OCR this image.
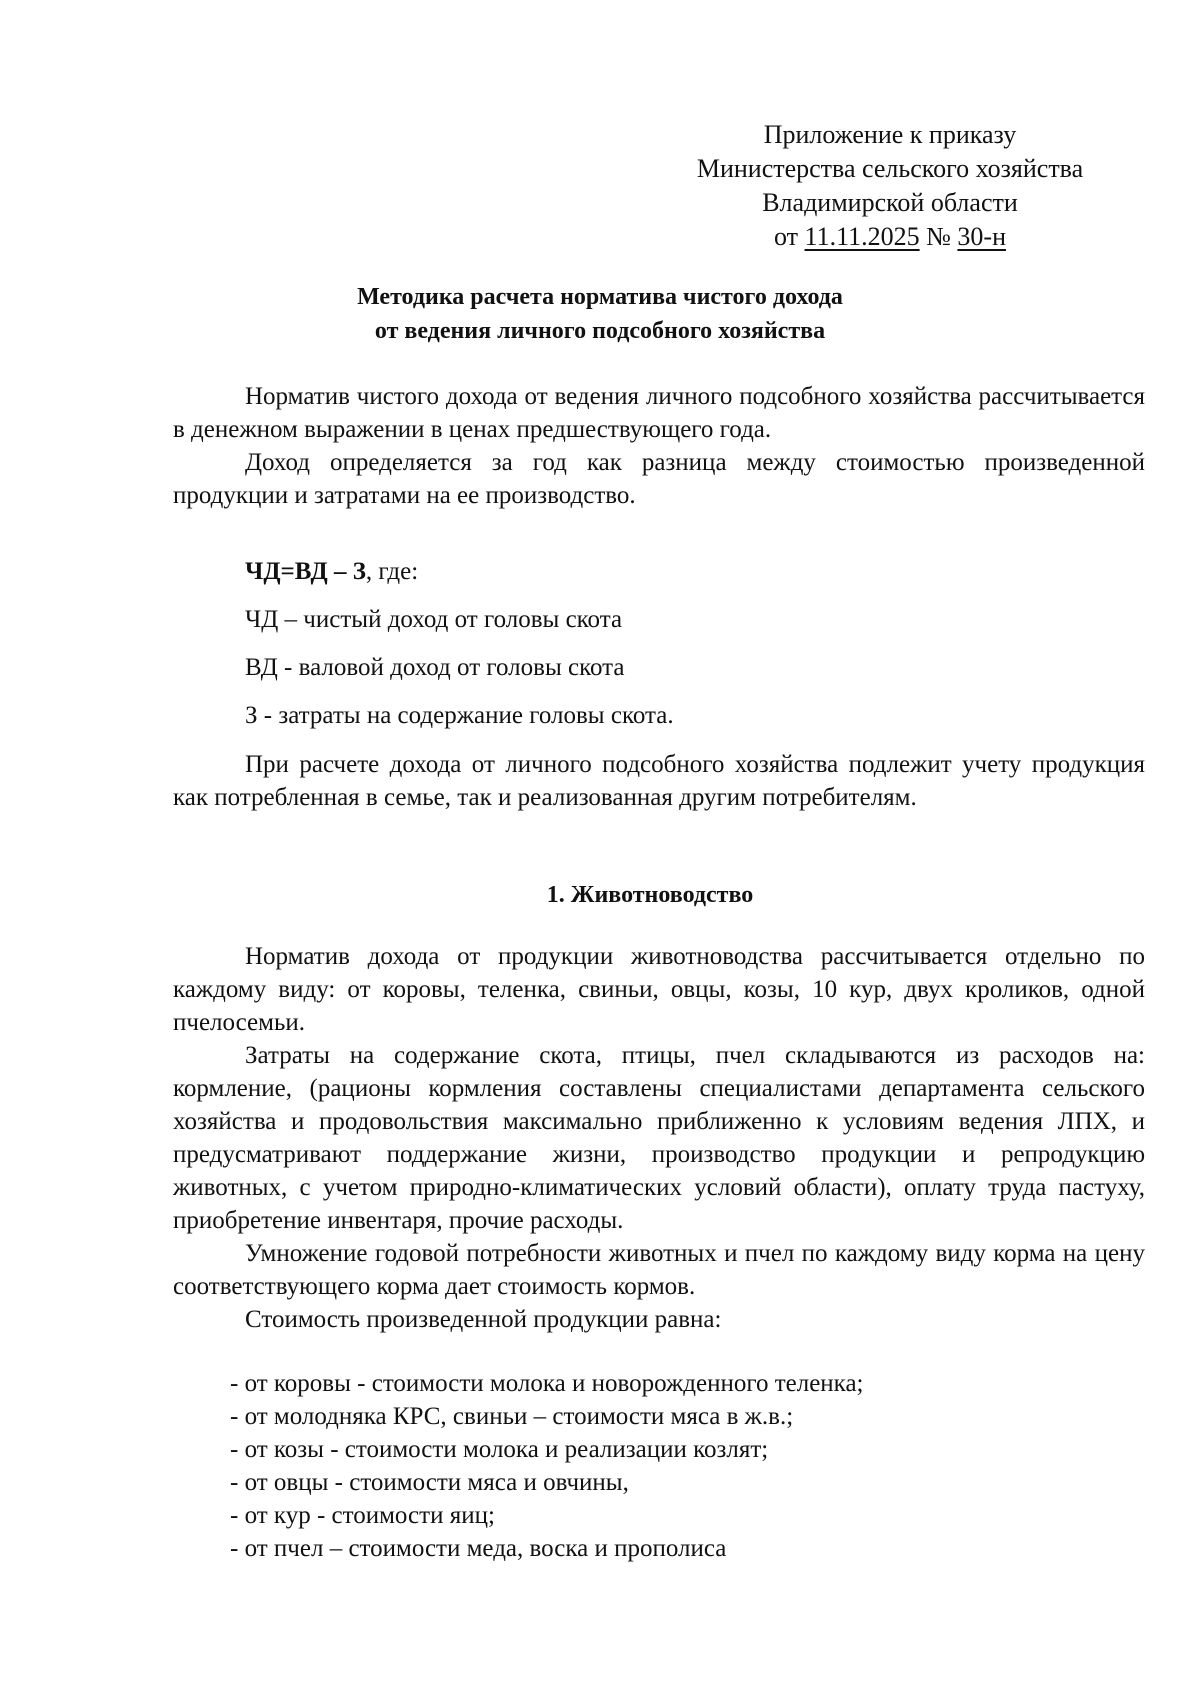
Приложение к приказу
Министерства сельского хозяйства
Владимирской области
от 11.11.2025 № 30-н
Методика расчета норматива чистого дохода
от ведения личного подсобного хозяйства

Норматив чистого дохода от ведения личного подсобного хозяйства рассчитывается в денежном выражении в ценах предшествующего года.

Доход определяется за год как разница между стоимостью произведенной продукции и затратами на ее производство.

ЧД=ВД – З, где:
ЧД – чистый доход от головы скота
ВД - валовой доход от головы скота
З - затраты на содержание головы скота.

При расчете дохода от личного подсобного хозяйства подлежит учету продукция как потребленная в семье, так и реализованная другим потребителям.

1. Животноводство

Норматив дохода от продукции животноводства рассчитывается отдельно по каждому виду: от коровы, теленка, свиньи, овцы, козы, 10 кур, двух кроликов, одной пчелосемьи.

Затраты на содержание скота, птицы, пчел складываются из расходов на: кормление, (рационы кормления составлены специалистами департамента сельского хозяйства и продовольствия максимально приближенно к условиям ведения ЛПХ, и предусматривают поддержание жизни, производство продукции и репродукцию животных, с учетом природно-климатических условий области), оплату труда пастуху, приобретение инвентаря, прочие расходы.

Умножение годовой потребности животных и пчел по каждому виду корма на цену соответствующего корма дает стоимость кормов.

Стоимость произведенной продукции равна:

- от коровы - стоимости молока и новорожденного теленка;
- от молодняка КРС, свиньи – стоимости мяса в ж.в.;
- от козы - стоимости молока и реализации козлят;
- от овцы - стоимости мяса и овчины,
- от кур - стоимости яиц;
- от пчел – стоимости меда, воска и прополиса
